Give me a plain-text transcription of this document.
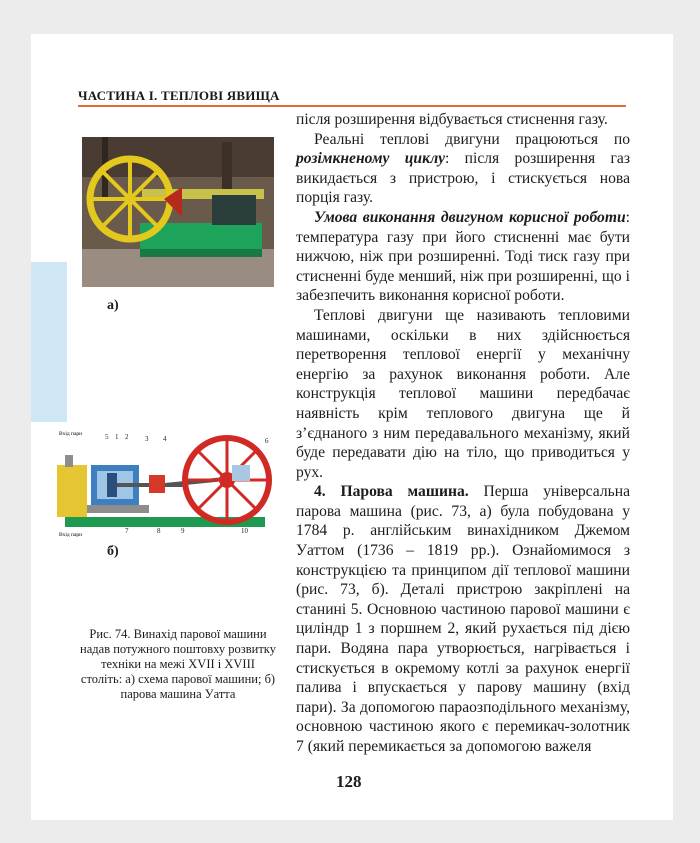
ЧАСТИНА І. ТЕПЛОВІ ЯВИЩА
а)
Вхід пари
Вхід пари
1 2 3 4
5	6
7	8	9	10
б)
Рис. 74. Винахід парової машини надав потужного поштовху розвитку техніки на межі XVII і XVIII століть: а) схема парової машини; б) парова машина Уатта

після розширення відбувається стиснення газу.

Реальні теплові двигуни працюються по розімкненому циклу: після розширення газ викидається з пристрою, і стискується нова порція газу.

Умова виконання двигуном корисної роботи: температура газу при його стисненні має бути нижчою, ніж при розширенні. Тоді тиск газу при стисненні буде менший, ніж при розширенні, що і забезпечить виконання корисної роботи.

Теплові двигуни ще називають тепловими машинами, оскільки в них здійснюється перетворення теплової енергії у механічну енергію за рахунок виконання роботи. Але конструкція теплової машини передбачає наявність крім теплового двигуна ще й з’єднаного з ним передавального механізму, який буде передавати дію на тіло, що приводиться у рух.

4. Парова машина. Перша універсальна парова машина (рис. 73, а) була побудована у 1784 р. англійським винахідником Джемом Уаттом (1736 – 1819 рр.). Ознайомимося з конструкцією та принципом дії теплової машини (рис. 73, б). Деталі пристрою закріплені на станині 5. Основною частиною парової машини є циліндр 1 з поршнем 2, який рухається під дією пари. Водяна пара утворюється, нагрівається і стискується в окремому котлі за рахунок енергії палива і впускається у парову машину (вхід пари). За допомогою параозподільного механізму, основною частиною якого є перемикач-золотник 7 (який перемикається за допомогою важеля

128
